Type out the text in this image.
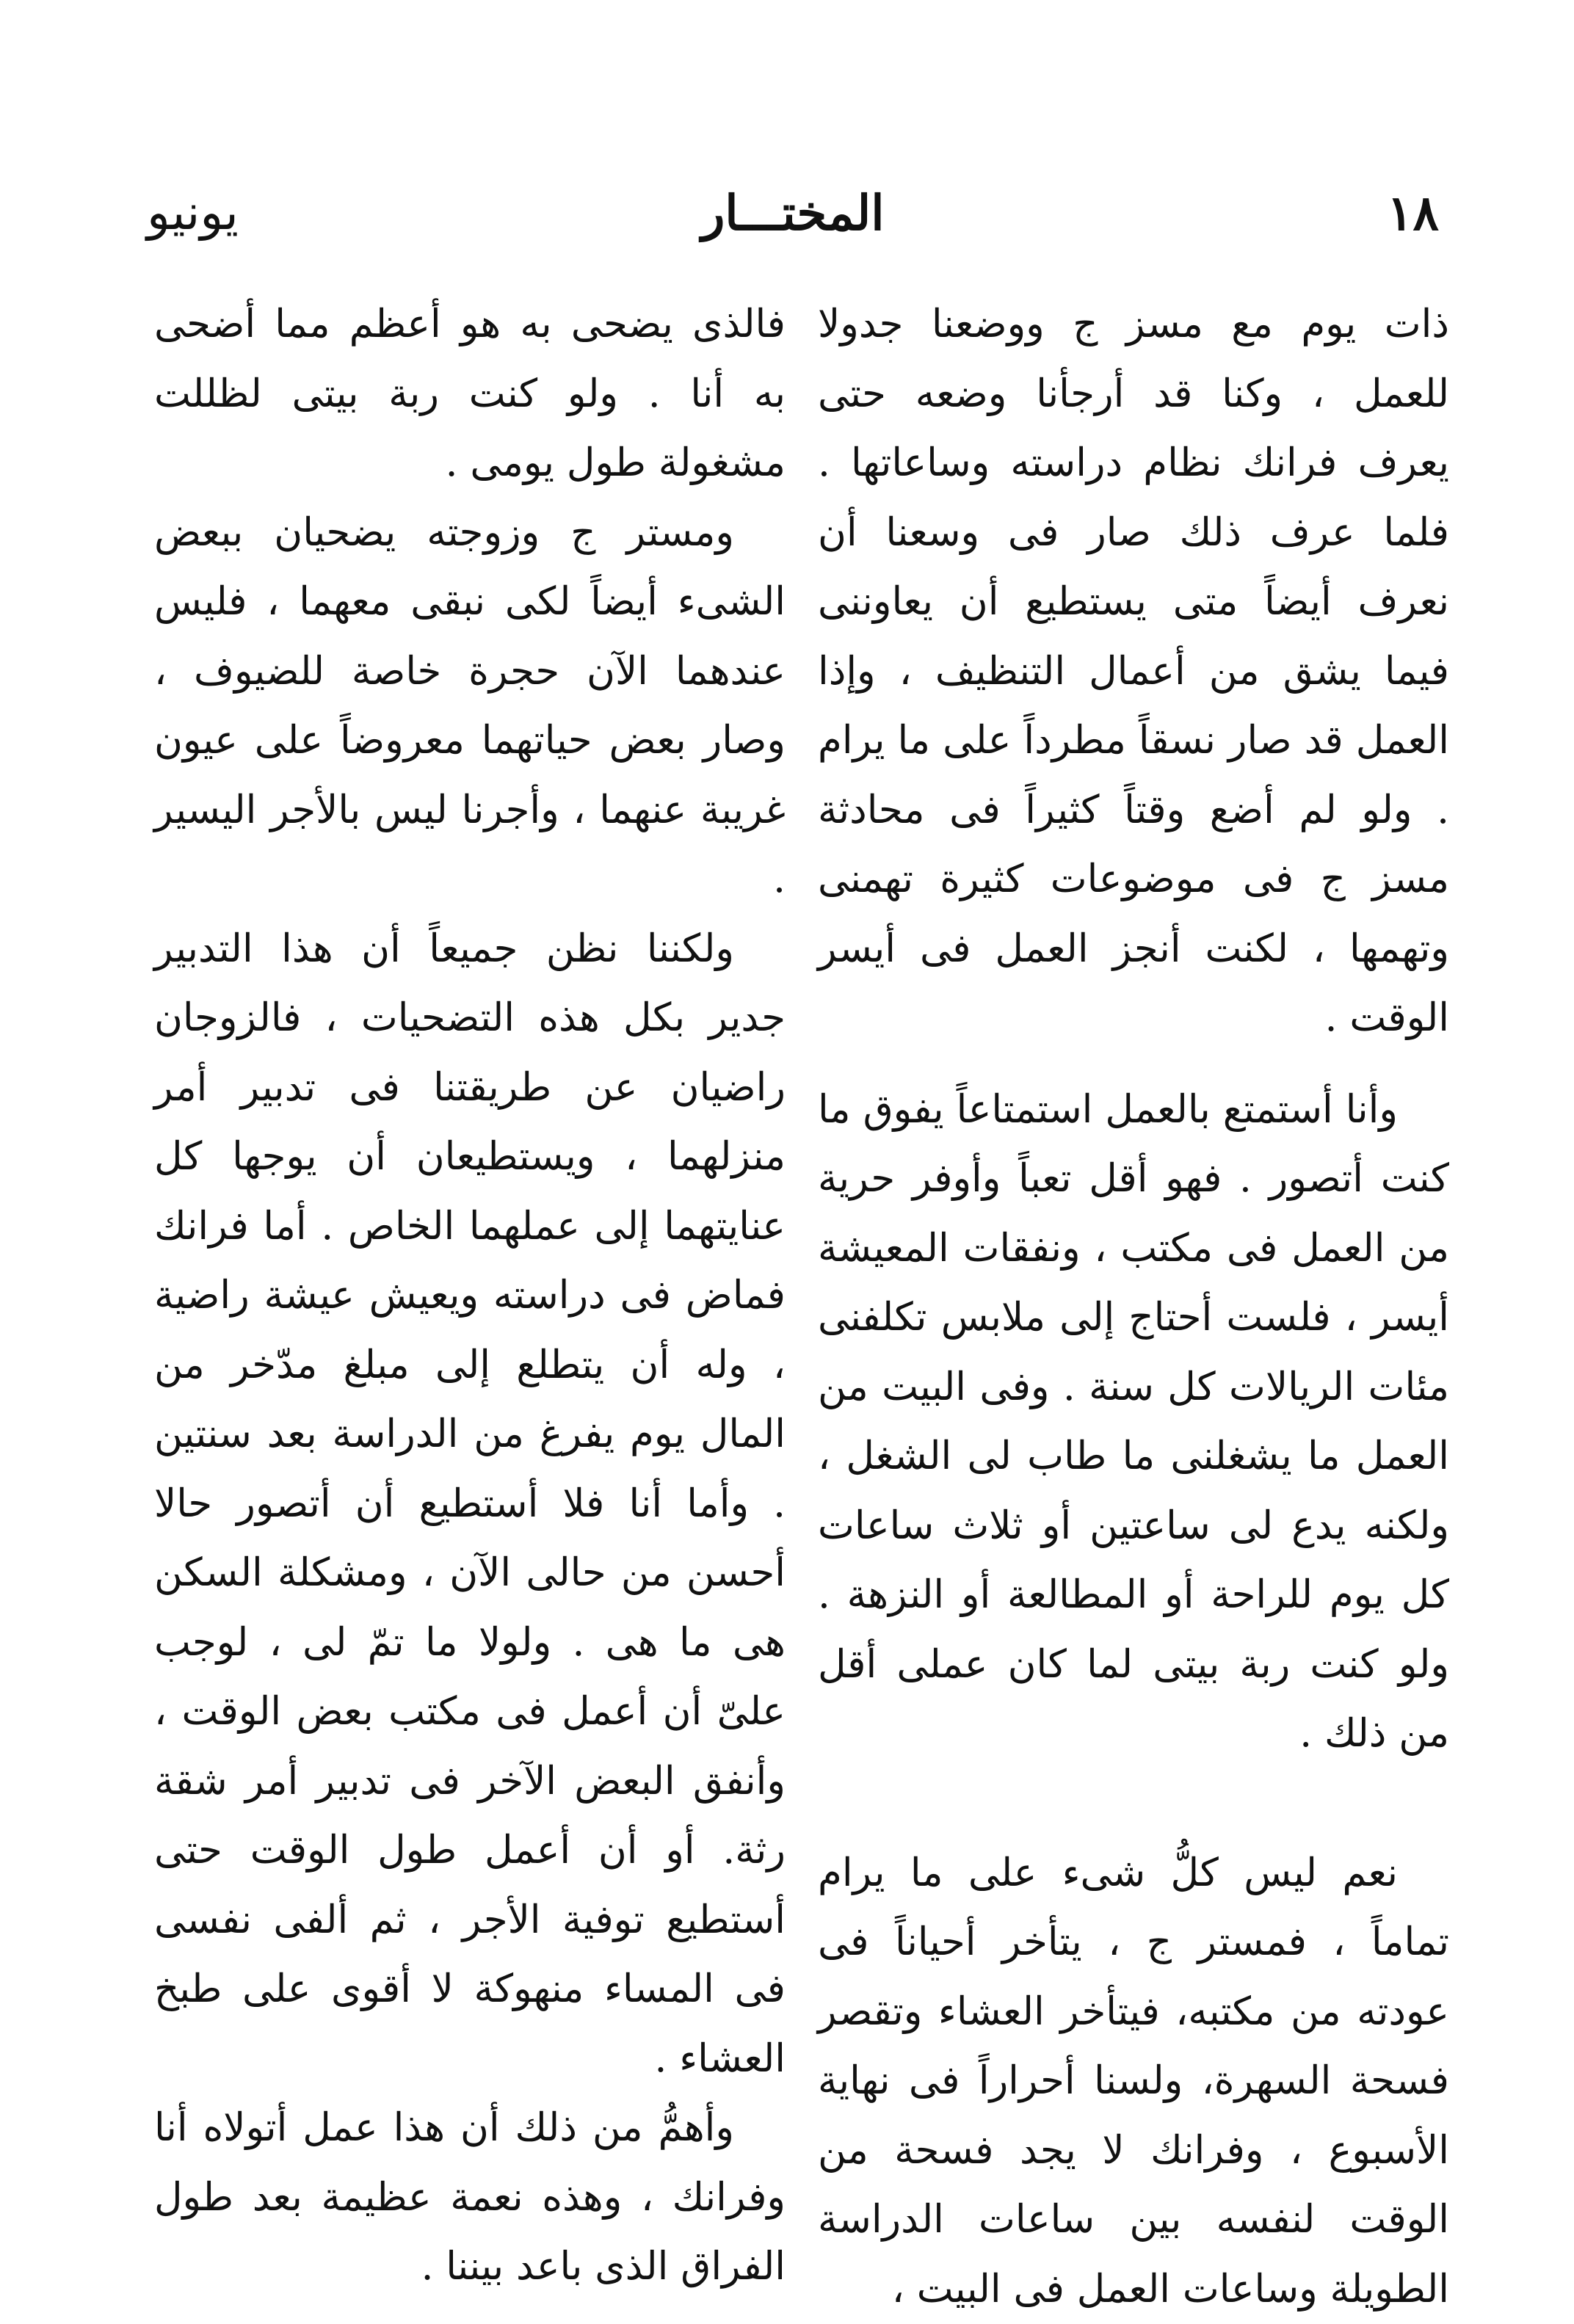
١٨
المختـــار
يونيو

ذات يوم مع مسز ج ووضعنا جدولا للعمل ، وكنا قد أرجأنا وضعه حتى يعرف فرانك نظام دراسته وساعاتها . فلما عرف ذلك صار فى وسعنا أن نعرف أيضاً متى يستطيع أن يعاوننى فيما يشق من أعمال التنظيف ، وإذا العمل قد صار نسقاً مطرداً على ما يرام . ولو لم أضع وقتاً كثيراً فى محادثة مسز ج فى موضوعات كثيرة تهمنى وتهمها ، لكنت أنجز العمل فى أيسر الوقت .

وأنا أستمتع بالعمل استمتاعاً يفوق ما كنت أتصور . فهو أقل تعباً وأوفر حرية من العمل فى مكتب ، ونفقات المعيشة أيسر ، فلست أحتاج إلى ملابس تكلفنى مئات الريالات كل سنة . وفى البيت من العمل ما يشغلنى ما طاب لى الشغل ، ولكنه يدع لى ساعتين أو ثلاث ساعات كل يوم للراحة أو المطالعة أو النزهة . ولو كنت ربة بيتى لما كان عملى أقل من ذلك .

نعم ليس كلُّ شىء على ما يرام تماماً ، فمستر ج ، يتأخر أحياناً فى عودته من مكتبه، فيتأخر العشاء وتقصر فسحة السهرة، ولسنا أحراراً فى نهاية الأسبوع ، وفرانك لا يجد فسحة من الوقت لنفسه بين ساعات الدراسة الطويلة وساعات العمل فى البيت ،

فالذى يضحى به هو أعظم مما أضحى به أنا . ولو كنت ربة بيتى لظللت مشغولة طول يومى .

ومستر ج وزوجته يضحيان ببعض الشىء أيضاً لكى نبقى معهما ، فليس عندهما الآن حجرة خاصة للضيوف ، وصار بعض حياتهما معروضاً على عيون غريبة عنهما ، وأجرنا ليس بالأجر اليسير .

ولكننا نظن جميعاً أن هذا التدبير جدير بكل هذه التضحيات ، فالزوجان راضيان عن طريقتنا فى تدبير أمر منزلهما ، ويستطيعان أن يوجها كل عنايتهما إلى عملهما الخاص . أما فرانك فماض فى دراسته ويعيش عيشة راضية ، وله أن يتطلع إلى مبلغ مدّخر من المال يوم يفرغ من الدراسة بعد سنتين . وأما أنا فلا أستطيع أن أتصور حالا أحسن من حالى الآن ، ومشكلة السكن هى ما هى . ولولا ما تمّ لى ، لوجب علىّ أن أعمل فى مكتب بعض الوقت ، وأنفق البعض الآخر فى تدبير أمر شقة رثة. أو أن أعمل طول الوقت حتى أستطيع توفية الأجر ، ثم ألفى نفسى فى المساء منهوكة لا أقوى على طبخ العشاء .

وأهمُّ من ذلك أن هذا عمل أتولاه أنا وفرانك ، وهذه نعمة عظيمة بعد طول الفراق الذى باعد بيننا .
